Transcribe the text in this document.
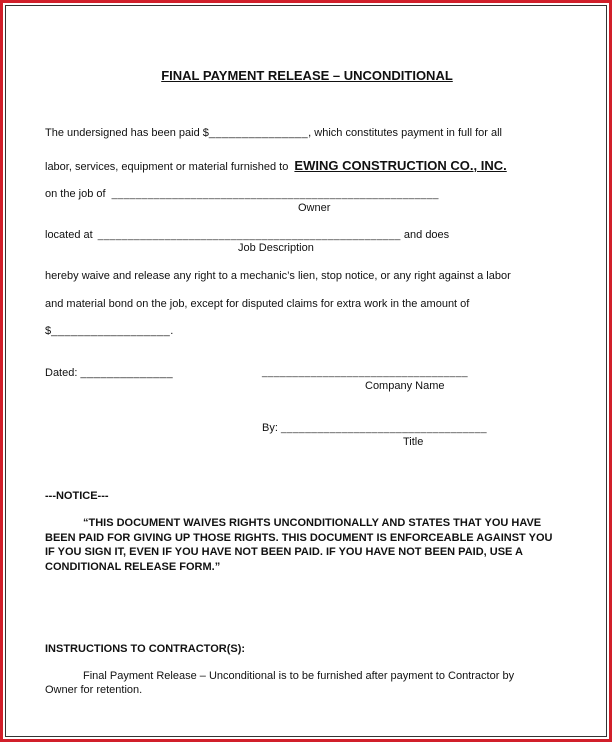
FINAL PAYMENT RELEASE – UNCONDITIONAL
The undersigned has been paid $_______________, which constitutes payment in full for all
labor, services, equipment or material furnished to EWING CONSTRUCTION CO., INC.
on the job of ______________________________________________________
Owner
located at __________________________________________________ and does
Job Description
hereby waive and release any right to a mechanic’s lien, stop notice, or any right against a labor
and material bond on the job, except for disputed claims for extra work in the amount of
$__________________.
Dated: ______________	__________________________________
Company Name
By: __________________________________
Title
---NOTICE---
“THIS DOCUMENT WAIVES RIGHTS UNCONDITIONALLY AND STATES THAT YOU HAVE BEEN PAID FOR GIVING UP THOSE RIGHTS. THIS DOCUMENT IS ENFORCEABLE AGAINST YOU IF YOU SIGN IT, EVEN IF YOU HAVE NOT BEEN PAID. IF YOU HAVE NOT BEEN PAID, USE A CONDITIONAL RELEASE FORM.”
INSTRUCTIONS TO CONTRACTOR(S):
Final Payment Release – Unconditional is to be furnished after payment to Contractor by
Owner for retention.
